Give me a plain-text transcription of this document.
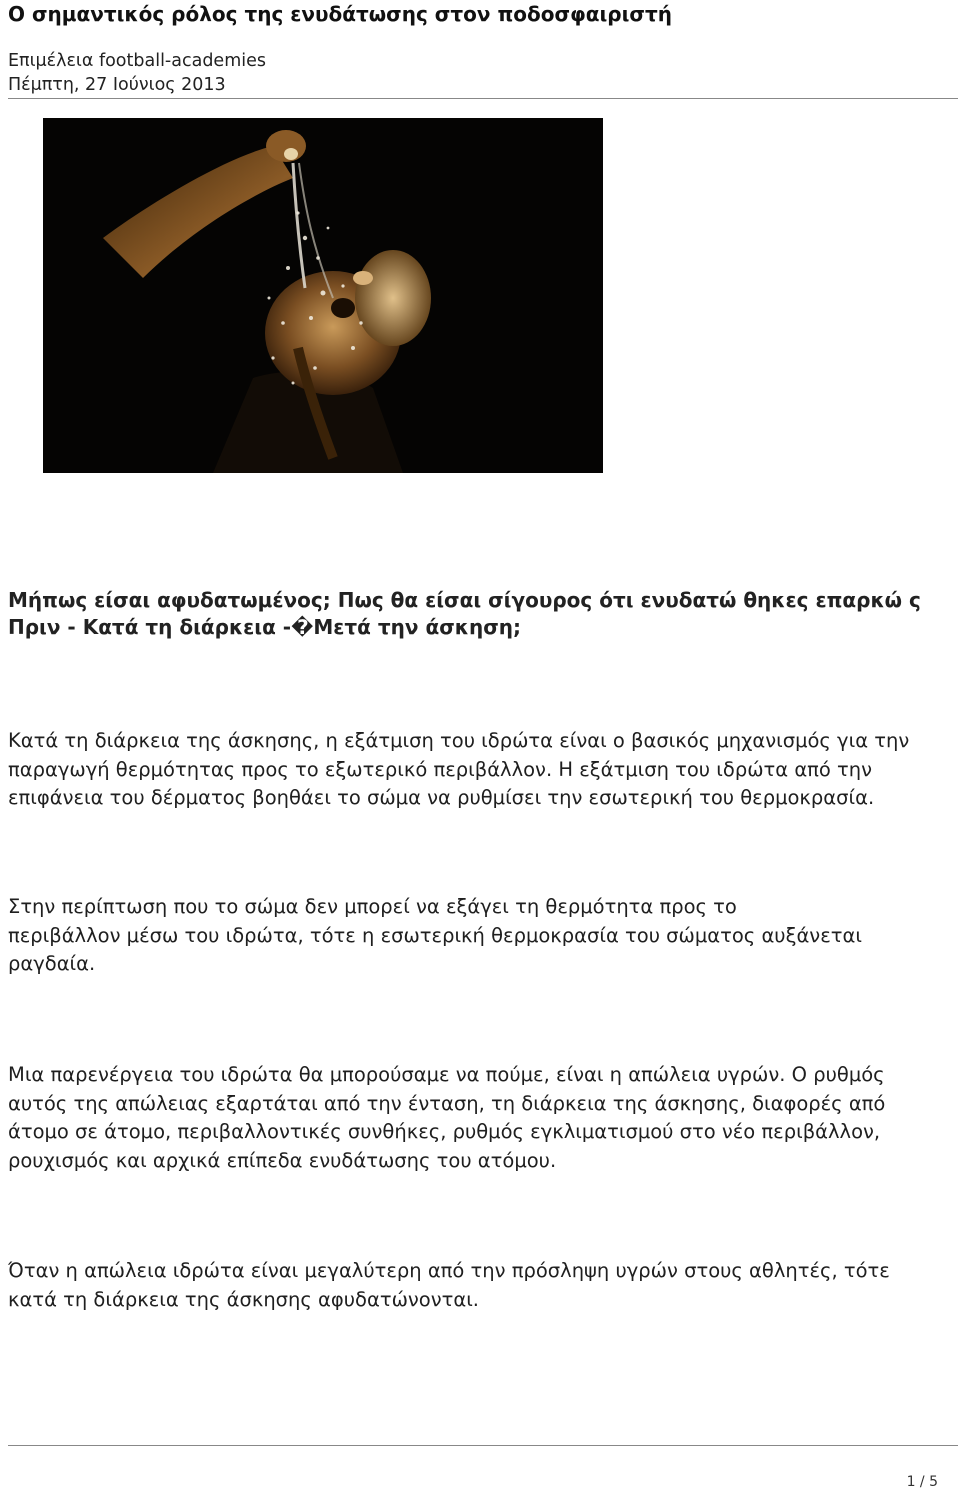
Ο σημαντικός ρόλος της ενυδάτωσης στον ποδοσφαιριστή
Επιμέλεια football-academies
Πέμπτη, 27 Ιούνιος 2013
Μήπως είσαι αφυδατωμένος; Πως θα είσαι σίγουρος ότι ενυδατώ θηκες επαρκώ ς
Πριν - Κατά τη διάρκεια -�Μετά την άσκηση;
Κατά τη διάρκεια της άσκησης, η εξάτμιση του ιδρώτα είναι ο βασικός μηχανισμός για την
παραγωγή θερμότητας προς το εξωτερικό περιβάλλον. Η εξάτμιση του ιδρώτα από την
επιφάνεια του δέρματος βοηθάει το σώμα να ρυθμίσει την εσωτερική του θερμοκρασία.
Στην περίπτωση που το σώμα δεν μπορεί να εξάγει τη θερμότητα προς το
περιβάλλον μέσω του ιδρώτα, τότε η εσωτερική θερμοκρασία του σώματος αυξάνεται
ραγδαία.
Μια παρενέργεια του ιδρώτα θα μπορούσαμε να πούμε, είναι η απώλεια υγρών. Ο ρυθμός
αυτός της απώλειας εξαρτάται από την ένταση, τη διάρκεια της άσκησης, διαφορές από
άτομο σε άτομο, περιβαλλοντικές συνθήκες, ρυθμός εγκλιματισμού στο νέο περιβάλλον,
ρουχισμός και αρχικά επίπεδα ενυδάτωσης του ατόμου.
Όταν η απώλεια ιδρώτα είναι μεγαλύτερη από την πρόσληψη υγρών στους αθλητές, τότε
κατά τη διάρκεια της άσκησης αφυδατώνονται.
1 / 5
